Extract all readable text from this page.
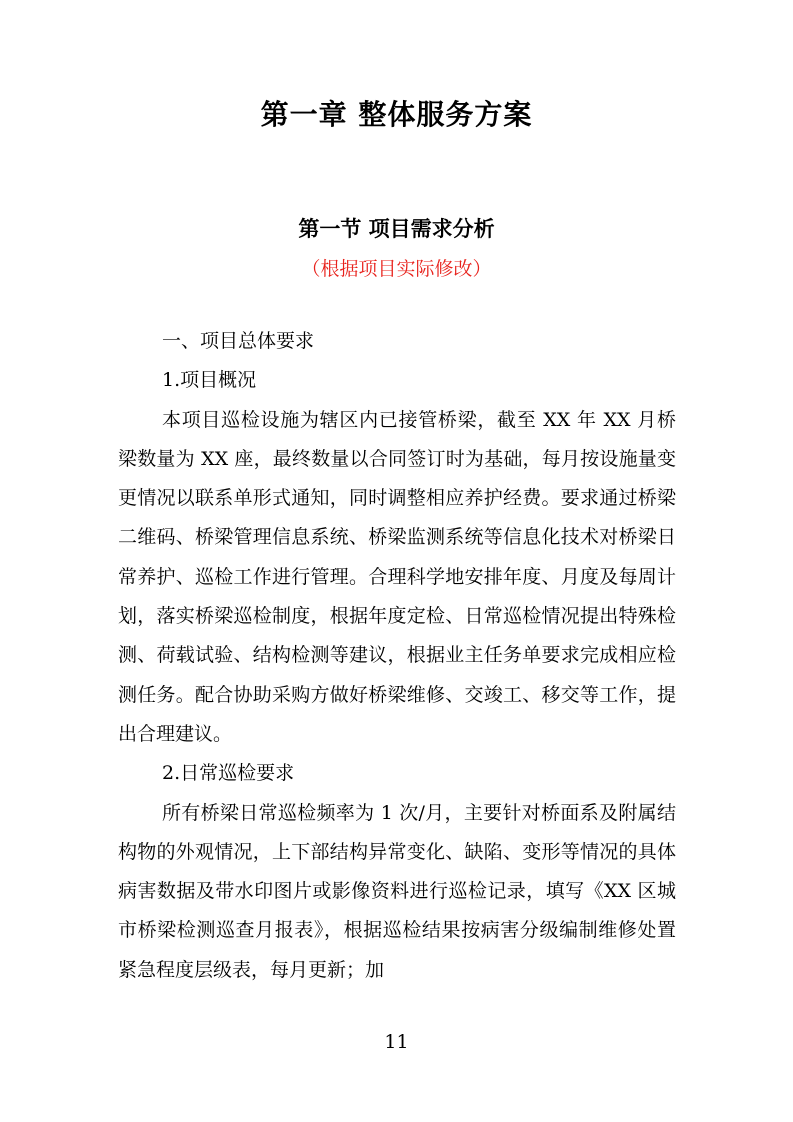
第一章 整体服务方案
第一节 项目需求分析
（根据项目实际修改）

一、项目总体要求

1.项目概况

本项目巡检设施为辖区内已接管桥梁，截至 XX 年 XX 月桥梁数量为 XX 座，最终数量以合同签订时为基础，每月按设施量变更情况以联系单形式通知，同时调整相应养护经费。要求通过桥梁二维码、桥梁管理信息系统、桥梁监测系统等信息化技术对桥梁日常养护、巡检工作进行管理。合理科学地安排年度、月度及每周计划，落实桥梁巡检制度，根据年度定检、日常巡检情况提出特殊检测、荷载试验、结构检测等建议，根据业主任务单要求完成相应检测任务。配合协助采购方做好桥梁维修、交竣工、移交等工作，提出合理建议。

2.日常巡检要求

所有桥梁日常巡检频率为 1 次/月，主要针对桥面系及附属结构物的外观情况，上下部结构异常变化、缺陷、变形等情况的具体病害数据及带水印图片或影像资料进行巡检记录，填写《XX 区城市桥梁检测巡查月报表》，根据巡检结果按病害分级编制维修处置紧急程度层级表，每月更新；加

11
